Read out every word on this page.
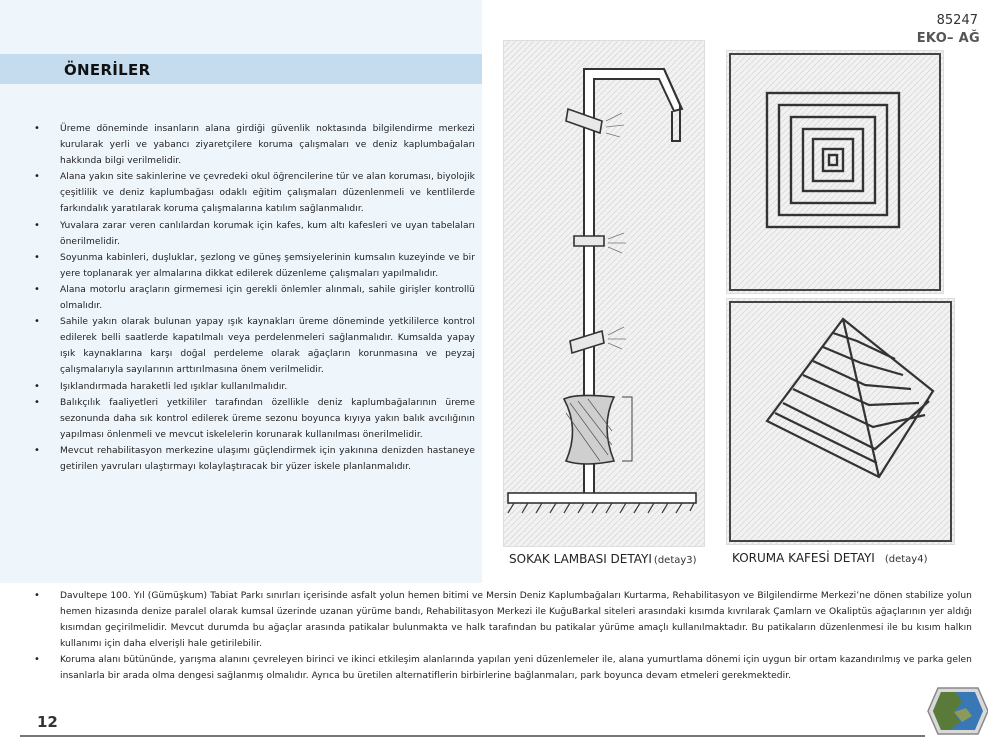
ÖNERİLER
• Üreme döneminde insanların alana girdiği güvenlik noktasında bilgilendirme merkezi kurularak yerli ve yabancı ziyaretçilere koruma çalışmaları ve deniz kaplumbağaları hakkında bilgi verilmelidir.
• Alana yakın site sakinlerine ve çevredeki okul öğrencilerine tür ve alan koruması, biyolojik çeşitlilik ve deniz kaplumbağası odaklı eğitim çalışmaları düzenlenmeli ve kentlilerde farkındalık yaratılarak koruma çalışmalarına katılım sağlanmalıdır.
• Yuvalara zarar veren canlılardan korumak için kafes, kum altı kafesleri ve uyan tabelaları önerilmelidir.
• Soyunma kabinleri, duşluklar, şezlong ve güneş şemsiyelerinin kumsalın kuzeyinde ve bir yere toplanarak yer almalarına dikkat edilerek düzenleme çalışmaları yapılmalıdır.
• Alana motorlu araçların girmemesi için gerekli önlemler alınmalı, sahile girişler kontrollü olmalıdır.
• Sahile yakın olarak bulunan yapay ışık kaynakları üreme döneminde yetkililerce kontrol edilerek belli saatlerde kapatılmalı veya perdelenmeleri sağlanmalıdır. Kumsalda yapay ışık kaynaklarına karşı doğal perdeleme olarak ağaçların korunmasına ve peyzaj çalışmalarıyla sayılarının arttırılmasına önem verilmelidir.
• Işıklandırmada haraketli led ışıklar kullanılmalıdır.
• Balıkçılık faaliyetleri yetkililer tarafından özellikle deniz kaplumbağalarının üreme sezonunda daha sık kontrol edilerek üreme sezonu boyunca kıyıya yakın balık avcılığının yapılması önlenmeli ve mevcut iskelelerin korunarak kullanılması önerilmelidir.
• Mevcut rehabilitasyon merkezine ulaşımı güçlendirmek için yakınına denizden hastaneye getirilen yavruları ulaştırmayı kolaylaştıracak bir yüzer iskele planlanmalıdır.
85247
EKO– AĞ
SOKAK LAMBASI DETAYI (detay3)	KORUMA KAFESİ DETAYI (detay4)
• Davultepe 100. Yıl (Gümüşkum) Tabiat Parkı sınırları içerisinde asfalt yolun hemen bitimi ve Mersin Deniz Kaplumbağaları Kurtarma, Rehabilitasyon ve Bilgilendirme Merkezi’ne dönen stabilize yolun hemen hizasında denize paralel olarak kumsal üzerinde uzanan yürüme bandı, Rehabilitasyon Merkezi ile KuğuBarkal siteleri arasındaki kısımda kıvrılarak Çamlarn ve Okaliptüs ağaçlarının yer aldığı kısımdan geçirilmelidir. Mevcut durumda bu ağaçlar arasında patikalar bulunmakta ve halk tarafından bu patikalar yürüme amaçlı kullanılmaktadır. Bu patikaların düzenlenmesi ile bu kısım halkın kullanımı için daha elverişli hale getirilebilir.
• Koruma alanı bütününde, yarışma alanını çevreleyen birinci ve ikinci etkileşim alanlarında yapılan yeni düzenlemeler ile, alana yumurtlama dönemi için uygun bir ortam kazandırılmış ve parka gelen insanlarla bir arada olma dengesi sağlanmış olmalıdır. Ayrıca bu üretilen alternatiflerin birbirlerine bağlanmaları, park boyunca devam etmeleri gerekmektedir.
12
